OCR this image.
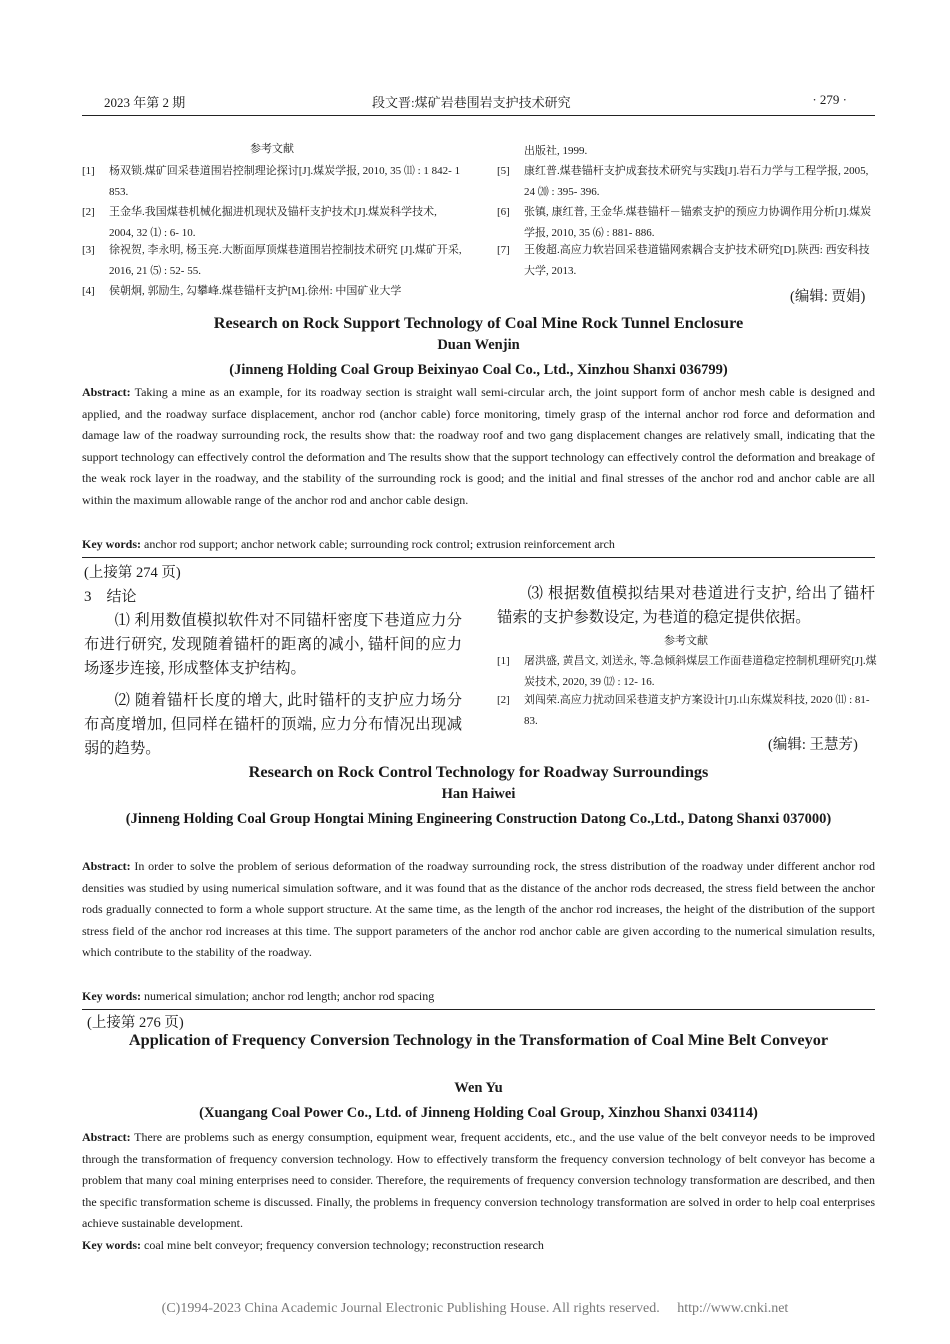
2023 年第 2 期	段文晋:煤矿岩巷围岩支护技术研究	· 279 ·
参考文献
[1] 杨双锁.煤矿回采巷道围岩控制理论探讨[J].煤炭学报, 2010, 35 ⑾ : 1 842- 1 853.
[2] 王金华.我国煤巷机械化掘进机现状及锚杆支护技术[J].煤炭科学技术, 2004, 32 ⑴ : 6- 10.
[3] 徐祝贺, 李永明, 杨玉亮.大断面厚顶煤巷道围岩控制技术研究 [J].煤矿开采, 2016, 21 ⑸ : 52- 55.
[4] 侯朝炯, 郭励生, 勾攀峰.煤巷锚杆支护[M].徐州: 中国矿业大学
出版社, 1999.
[5] 康红普.煤巷锚杆支护成套技术研究与实践[J].岩石力学与工程学报, 2005, 24 ⒇ : 395- 396.
[6] 张镇, 康红普, 王金华.煤巷锚杆－锚索支护的预应力协调作用分析[J].煤炭学报, 2010, 35 ⑹ : 881- 886.
[7] 王俊超.高应力软岩回采巷道锚网索耦合支护技术研究[D].陕西: 西安科技大学, 2013.
(编辑: 贾娟)
Research on Rock Support Technology of Coal Mine Rock Tunnel Enclosure
Duan Wenjin
(Jinneng Holding Coal Group Beixinyao Coal Co., Ltd., Xinzhou Shanxi 036799)
Abstract: Taking a mine as an example, for its roadway section is straight wall semi-circular arch, the joint support form of anchor mesh cable is designed and applied, and the roadway surface displacement, anchor rod (anchor cable) force monitoring, timely grasp of the internal anchor rod force and deformation and damage law of the roadway surrounding rock, the results show that: the roadway roof and two gang displacement changes are relatively small, indicating that the support technology can effectively control the deformation and The results show that the support technology can effectively control the deformation and breakage of the weak rock layer in the roadway, and the stability of the surrounding rock is good; and the initial and final stresses of the anchor rod and anchor cable are all within the maximum allowable range of the anchor rod and anchor cable design.
Key words: anchor rod support; anchor network cable; surrounding rock control; extrusion reinforcement arch
(上接第 274 页)
3　结论

⑴ 利用数值模拟软件对不同锚杆密度下巷道应力分布进行研究, 发现随着锚杆的距离的减小, 锚杆间的应力场逐步连接, 形成整体支护结构。

⑵ 随着锚杆长度的增大, 此时锚杆的支护应力场分布高度增加, 但同样在锚杆的顶端, 应力分布情况出现减弱的趋势。

⑶ 根据数值模拟结果对巷道进行支护, 给出了锚杆锚索的支护参数设定, 为巷道的稳定提供依据。

参考文献
[1] 屠洪盛, 黄昌文, 刘送永, 等.急倾斜煤层工作面巷道稳定控制机理研究[J].煤炭技术, 2020, 39 ⑿ : 12- 16.
[2] 刘闯荣.高应力扰动回采巷道支护方案设计[J].山东煤炭科技, 2020 ⑾ : 81- 83.
(编辑: 王慧芳)
Research on Rock Control Technology for Roadway Surroundings
Han Haiwei
(Jinneng Holding Coal Group Hongtai Mining Engineering Construction Datong Co.,Ltd., Datong Shanxi 037000)
Abstract: In order to solve the problem of serious deformation of the roadway surrounding rock, the stress distribution of the roadway under different anchor rod densities was studied by using numerical simulation software, and it was found that as the distance of the anchor rods decreased, the stress field between the anchor rods gradually connected to form a whole support structure. At the same time, as the length of the anchor rod increases, the height of the distribution of the support stress field of the anchor rod increases at this time. The support parameters of the anchor rod anchor cable are given according to the numerical simulation results, which contribute to the stability of the roadway.
Key words: numerical simulation; anchor rod length; anchor rod spacing
(上接第 276 页)
Application of Frequency Conversion Technology in the Transformation of Coal Mine Belt Conveyor
Wen Yu
(Xuangang Coal Power Co., Ltd. of Jinneng Holding Coal Group, Xinzhou Shanxi 034114)
Abstract: There are problems such as energy consumption, equipment wear, frequent accidents, etc., and the use value of the belt conveyor needs to be improved through the transformation of frequency conversion technology. How to effectively transform the frequency conversion technology of belt conveyor has become a problem that many coal mining enterprises need to consider. Therefore, the requirements of frequency conversion technology transformation are described, and then the specific transformation scheme is discussed. Finally, the problems in frequency conversion technology transformation are solved in order to help coal enterprises achieve sustainable development.
Key words: coal mine belt conveyor; frequency conversion technology; reconstruction research
(C)1994-2023 China Academic Journal Electronic Publishing House. All rights reserved.　 http://www.cnki.net
